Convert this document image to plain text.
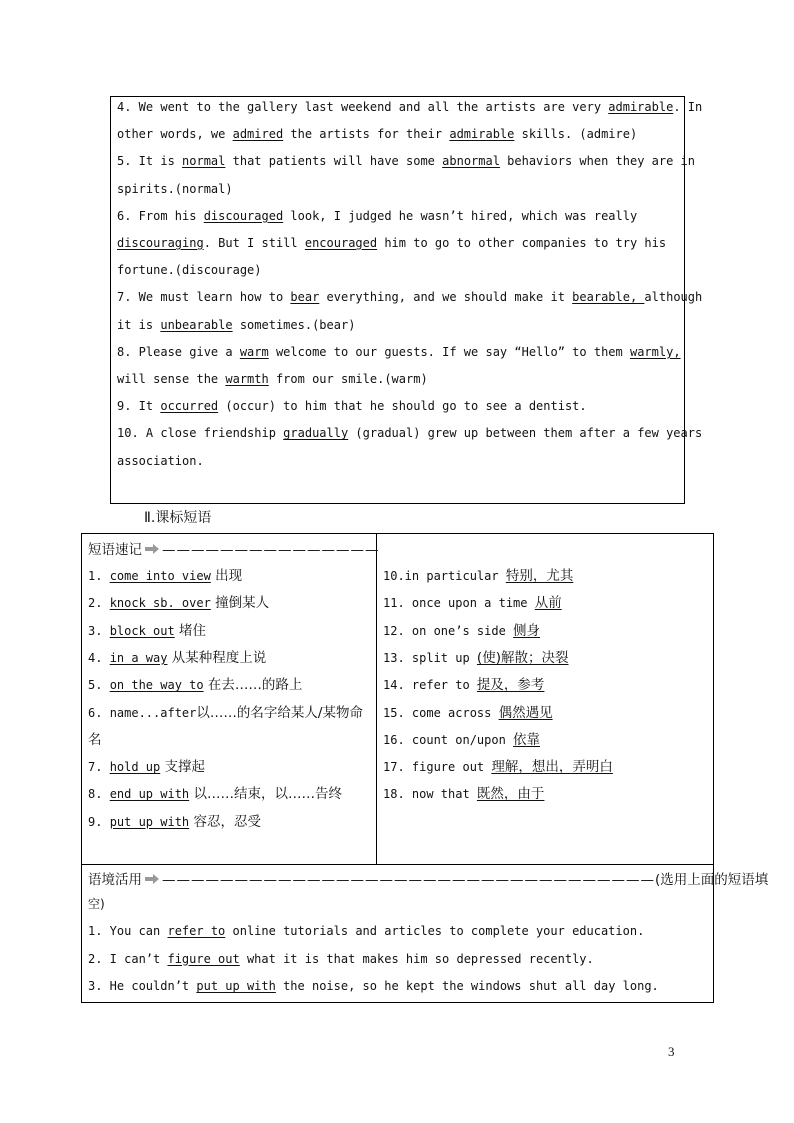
4. We went to the gallery last weekend and all the artists are very admirable. In
other words, we admired the artists for their admirable skills. (admire)
5. It is normal that patients will have some abnormal behaviors when they are in
spirits.(normal)
6. From his discouraged look, I judged he wasn’t hired, which was really
discouraging. But I still encouraged him to go to other companies to try his
fortune.(discourage)
7. We must learn how to bear everything, and we should make it bearable, although
it is unbearable sometimes.(bear)
8. Please give a warm welcome to our guests. If we say “Hello” to them warmly,
will sense the warmth from our smile.(warm)
9. It occurred (occur) to him that he should go to see a dentist.
10. A close friendship gradually (gradual) grew up between them after a few years
association.
Ⅱ.课标短语
短语速记 ———————————————
语境活用 ——————————————————————————————————(选用上面的短语填
空)
1. come into view 出现
2. knock sb. over 撞倒某人
3. block out 堵住
4. in a way 从某种程度上说
5. on the way to 在去……的路上
6. name...after以……的名字给某人/某物命
名
7. hold up 支撑起
8. end up with 以……结束，以……告终
9. put up with 容忍，忍受
10.in particular 特别，尤其
11. once upon a time 从前
12. on one’s side 侧身
13. split up (使)解散；决裂
14. refer to 提及，参考
15. come across 偶然遇见
16. count on/upon 依靠
17. figure out 理解，想出，弄明白
18. now that 既然，由于
1. You can refer to online tutorials and articles to complete your education.
2. I can’t figure out what it is that makes him so depressed recently.
3. He couldn’t put up with the noise, so he kept the windows shut all day long.
3
